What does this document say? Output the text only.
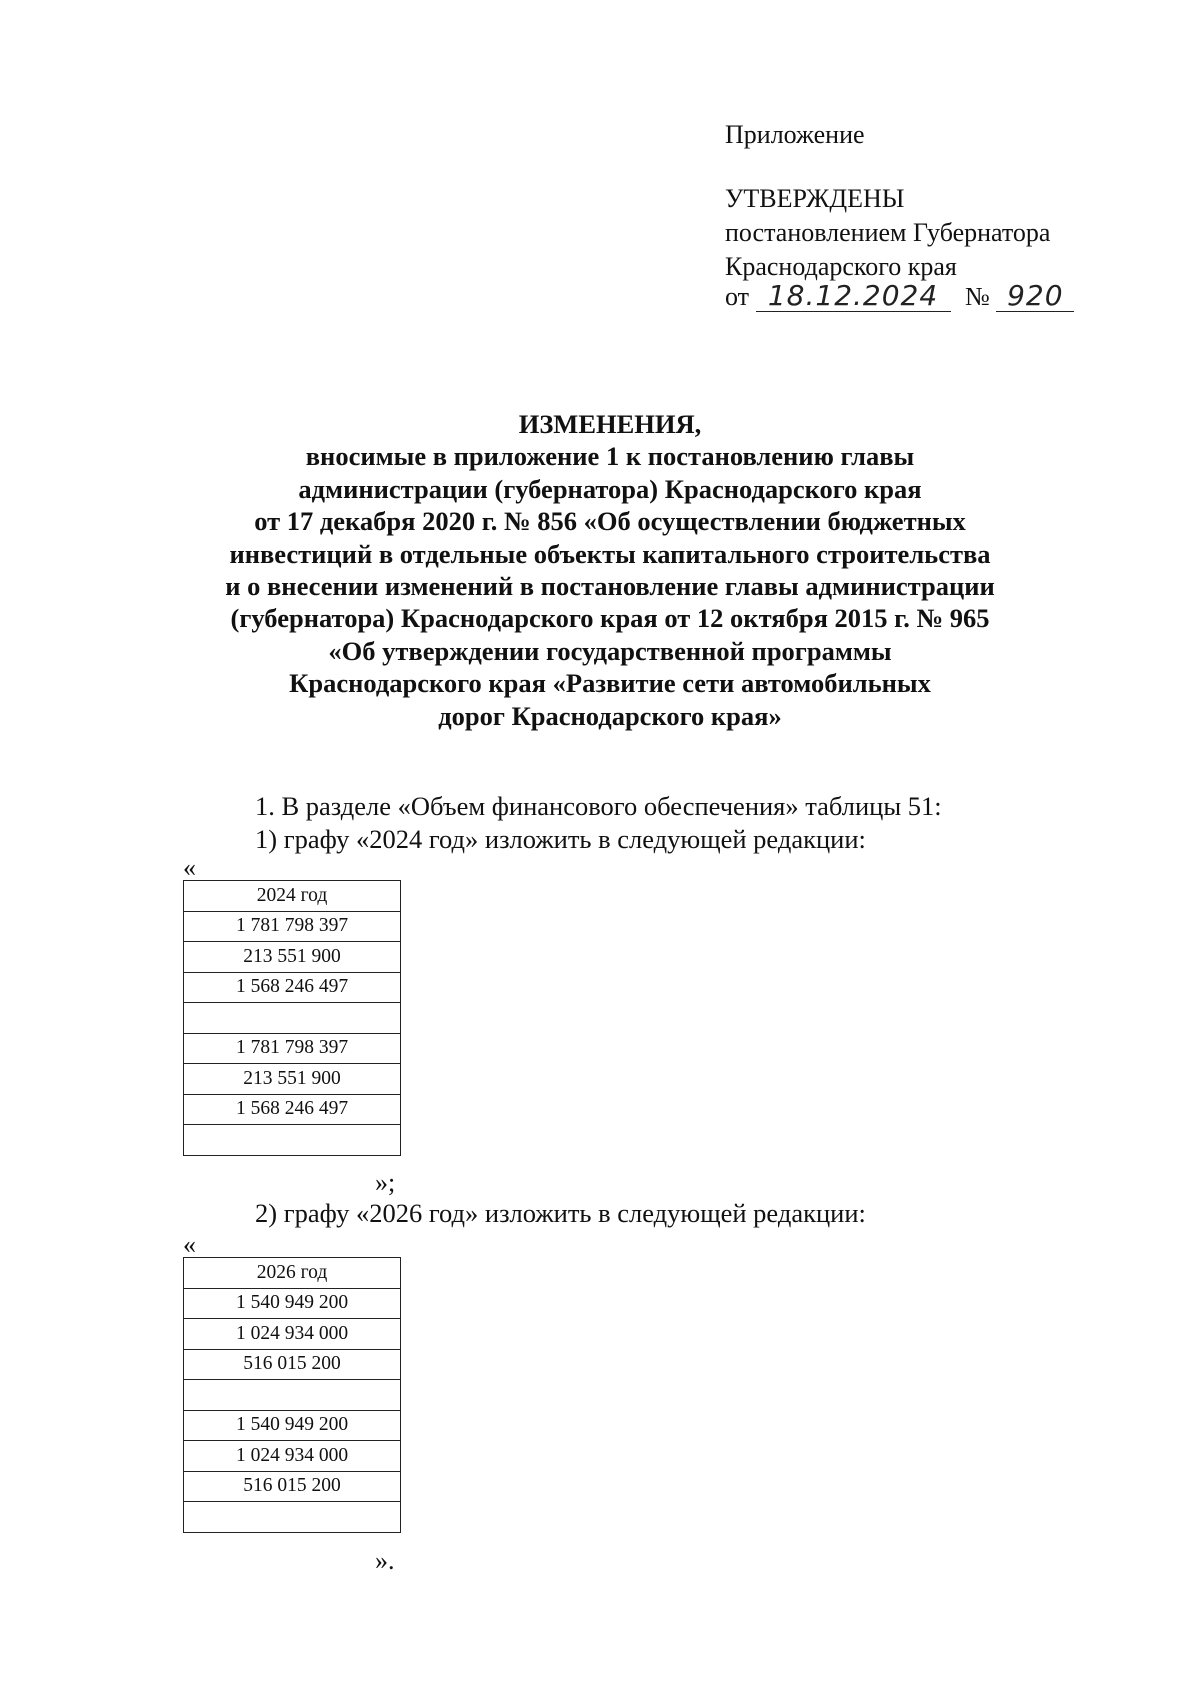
Приложение
УТВЕРЖДЕНЫ
постановлением Губернатора
Краснодарского края
от 18.12.2024 № 920
ИЗМЕНЕНИЯ,
вносимые в приложение 1 к постановлению главы
администрации (губернатора) Краснодарского края
от 17 декабря 2020 г. № 856 «Об осуществлении бюджетных
инвестиций в отдельные объекты капитального строительства
и о внесении изменений в постановление главы администрации
(губернатора) Краснодарского края от 12 октября 2015 г. № 965
«Об утверждении государственной программы
Краснодарского края «Развитие сети автомобильных
дорог Краснодарского края»
1. В разделе «Объем финансового обеспечения» таблицы 51:
1) графу «2024 год» изложить в следующей редакции:
«
2024 год
1 781 798 397
213 551 900
1 568 246 497

1 781 798 397
213 551 900
1 568 246 497

»;
2) графу «2026 год» изложить в следующей редакции:
«
2026 год
1 540 949 200
1 024 934 000
516 015 200

1 540 949 200
1 024 934 000
516 015 200

».
